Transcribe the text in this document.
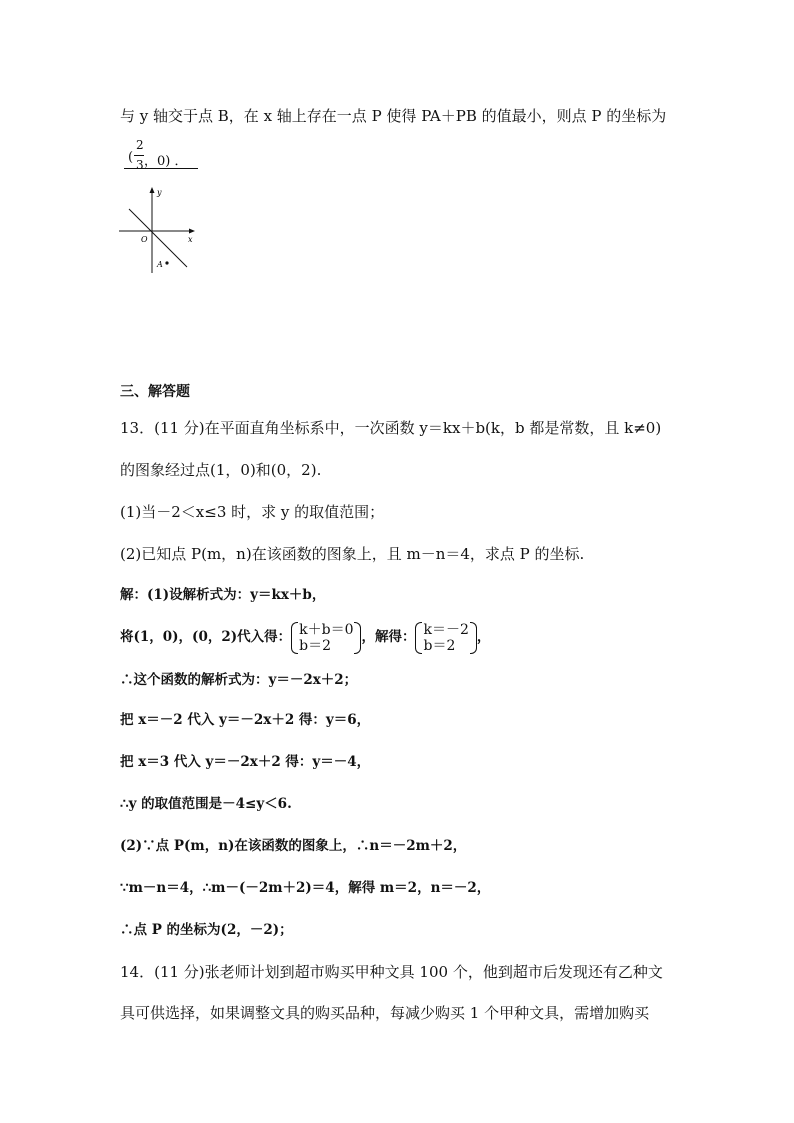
与 y 轴交于点 B，在 x 轴上存在一点 P 使得 PA＋PB 的值最小，则点 P 的坐标为
(
2
3 ，0) ．
y
x
O
A
三、解答题
13．(11 分)在平面直角坐标系中，一次函数 y＝kx＋b(k，b 都是常数，且 k≠0)
的图象经过点(1，0)和(0，2).
(1)当－2＜x≤3 时，求 y 的取值范围；
(2)已知点 P(m，n)在该函数的图象上，且 m－n＝4，求点 P 的坐标.
解：(1)设解析式为：y＝kx＋b，
将(1，0)，(0，2)代入得： k＋b＝0
b＝2
，解得： k＝－2
b＝2
，
∴这个函数的解析式为：y＝－2x＋2；
把 x＝－2 代入 y＝－2x＋2 得：y＝6，
把 x＝3 代入 y＝－2x＋2 得：y＝－4，
∴y 的取值范围是－4≤y＜6.
(2)∵点 P(m，n)在该函数的图象上，∴n＝－2m＋2，
∵m－n＝4，∴m－(－2m＋2)＝4，解得 m＝2，n＝－2，
∴点 P 的坐标为(2，－2)；
14．(11 分)张老师计划到超市购买甲种文具 100 个，他到超市后发现还有乙种文
具可供选择，如果调整文具的购买品种，每减少购买 1 个甲种文具，需增加购买
